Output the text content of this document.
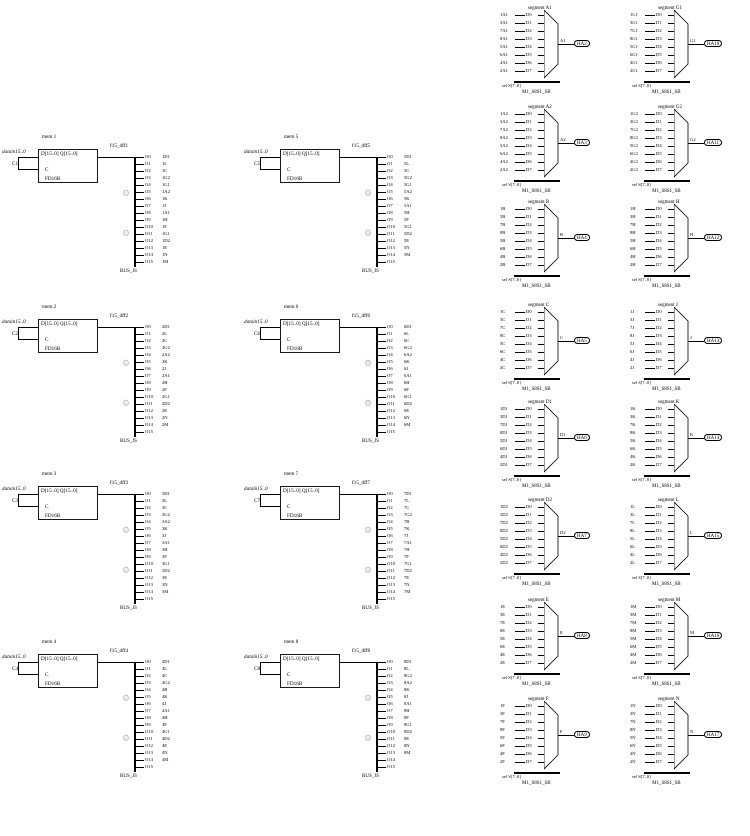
mem 1
f15_dff1
D[15..0] Q[15..0]
C
FD16B
datain15..0
C1
O0 1D1
O1 1L
O2 1C
O3 1G2
O4 1G1
O5 1A2
O6 1K
O7 1J
O8 1A1
O9 1H
O10 1F
O11 1G1
O12 1D2
O13 1E
O14 1N
O15 1M
⚙
⚙
BUS_JS
mem 5
f15_dff5
D[15..0] Q[15..0]
C
FD16B
datain15..0
C5
O0 5D1
O1 5L
O2 5C
O3 5G2
O4 5G1
O5 5A2
O6 5K
O7 5A1
O8 5H
O9 5F
O10 5G1
O11 5D2
O12 5E
O13 5N
O14 5M
O15
⚙
⚙
BUS_JS
mem 2
f15_dff2
D[15..0] Q[15..0]
C
FD16B
datain15..0
C2
O0 2D1
O1 2L
O2 2C
O3 2G2
O4 2A2
O5 2K
O6 2J
O7 2A1
O8 2H
O9 2F
O10 2G1
O11 2D2
O12 2E
O13 2N
O14 2M
O15
⚙
⚙
BUS_JS
mem 6
f15_dff6
D[15..0] Q[15..0]
C
FD16B
datain15..0
C6
O0 6D1
O1 6L
O2 6C
O3 6G2
O4 6A2
O5 6K
O6 6J
O7 6A1
O8 6H
O9 6F
O10 6G1
O11 6D2
O12 6E
O13 6N
O14 6M
O15
⚙
⚙
BUS_JS
mem 3
f15_dff3
D[15..0] Q[15..0]
C
FD16B
datain15..0
C3
O0 3D1
O1 3L
O2 3C
O3 3G2
O4 3A2
O5 3K
O6 3J
O7 3A1
O8 3H
O9 3F
O10 3G1
O11 3D2
O12 3E
O13 3N
O14 3M
O15
⚙
⚙
BUS_JS
mem 7
f15_dff7
D[15..0] Q[15..0]
C
FD16B
datain15..0
C7
O0 7D1
O1 7L
O2 7C
O3 7G2
O4 7B
O5 7K
O6 7J
O7 7A1
O8 7H
O9 7F
O10 7G1
O11 7D2
O12 7E
O13 7N
O14 7M
O15
⚙
⚙
BUS_JS
mem 4
f15_dff4
D[15..0] Q[15..0]
C
FD16B
datain15..0
C4
O0 4D1
O1 4L
O2 4C
O3 4G2
O4 4B
O5 4K
O6 4J
O7 4A1
O8 4H
O9 4F
O10 4G1
O11 4D2
O12 4E
O13 4N
O14 4M
O15
⚙
⚙
BUS_JS
mem 8
f15_dff8
D[15..0] Q[15..0]
C
FD16B
datain15..0
C8
O0 8D1
O1 8L
O2 8G2
O3 8A2
O4 8K
O5 8J
O6 8A1
O7 8H
O8 8F
O9 8G1
O10 8D2
O11 8E
O12 8N
O13 8M
O14
O15
⚙
⚙
BUS_JS
segment A1
1A1	D0
3A1	D1
7A1	D2
8A1	D3
5A1	D4
6A1	D5
4A1	D6
2A1	D7
sel S[7..0]
A1
HA2
M1_S8S1_SB
segment A2
1A2	D0
3A2	D1
7A2	D2
8A2	D3
5A2	D4
6A2	D5
4A2	D6
2A2	D7
sel S[7..0]
A2
HA3
M1_S8S1_SB
segment B
1B	D0
3B	D1
7B	D2
8B	D3
5B	D4
6B	D5
4B	D6
2B	D7
sel S[7..0]
B
HA4
M1_S8S1_SB
segment C
1C	D0
3C	D1
7C	D2
8C	D3
5C	D4
6C	D5
4C	D6
2C	D7
sel S[7..0]
C
HA5
M1_S8S1_SB
segment D1
1D1	D0
3D1	D1
7D1	D2
8D1	D3
5D1	D4
6D1	D5
4D1	D6
2D1	D7
sel S[7..0]
D1
HA6
M1_S8S1_SB
segment D2
1D2	D0
3D2	D1
7D2	D2
8D2	D3
5D2	D4
6D2	D5
4D2	D6
2D2	D7
sel S[7..0]
D2
HA7
M1_S8S1_SB
segment E
1E	D0
3E	D1
7E	D2
8E	D3
5E	D4
6E	D5
4E	D6
2E	D7
sel S[7..0]
E
HA8
M1_S8S1_SB
segment F
1F	D0
3F	D1
7F	D2
8F	D3
5F	D4
6F	D5
4F	D6
2F	D7
sel S[7..0]
F
HA9
M1_S8S1_SB
segment G1
1G1	D0
3G1	D1
7G1	D2
8G1	D3
5G1	D4
6G1	D5
4G1	D6
2G1	D7
sel S[7..0]
G1
HA10
M1_S8S1_SB
segment G2
1G2	D0
3G2	D1
7G2	D2
8G2	D3
5G2	D4
6G2	D5
4G2	D6
2G2	D7
sel S[7..0]
G2
HA11
M1_S8S1_SB
segment H
1H	D0
3H	D1
7H	D2
8H	D3
5H	D4
6H	D5
4H	D6
2H	D7
sel S[7..0]
H
HA12
M1_S8S1_SB
segment J
1J	D0
3J	D1
7J	D2
8J	D3
5J	D4
6J	D5
4J	D6
2J	D7
sel S[7..0]
J
HA13
M1_S8S1_SB
segment K
1K	D0
3K	D1
7K	D2
8K	D3
5K	D4
6K	D5
4K	D6
2K	D7
sel S[7..0]
K
HA14
M1_S8S1_SB
segment L
1L	D0
3L	D1
7L	D2
8L	D3
5L	D4
6L	D5
4L	D6
2L	D7
sel S[7..0]
L
HA15
M1_S8S1_SB
segment M
1M	D0
3M	D1
7M	D2
8M	D3
5M	D4
6M	D5
4M	D6
2M	D7
sel S[7..0]
M
HA16
M1_S8S1_SB
segment N
1N	D0
3N	D1
7N	D2
8N	D3
5N	D4
6N	D5
4N	D6
2N	D7
sel S[7..0]
N
HA17
M1_S8S1_SB
